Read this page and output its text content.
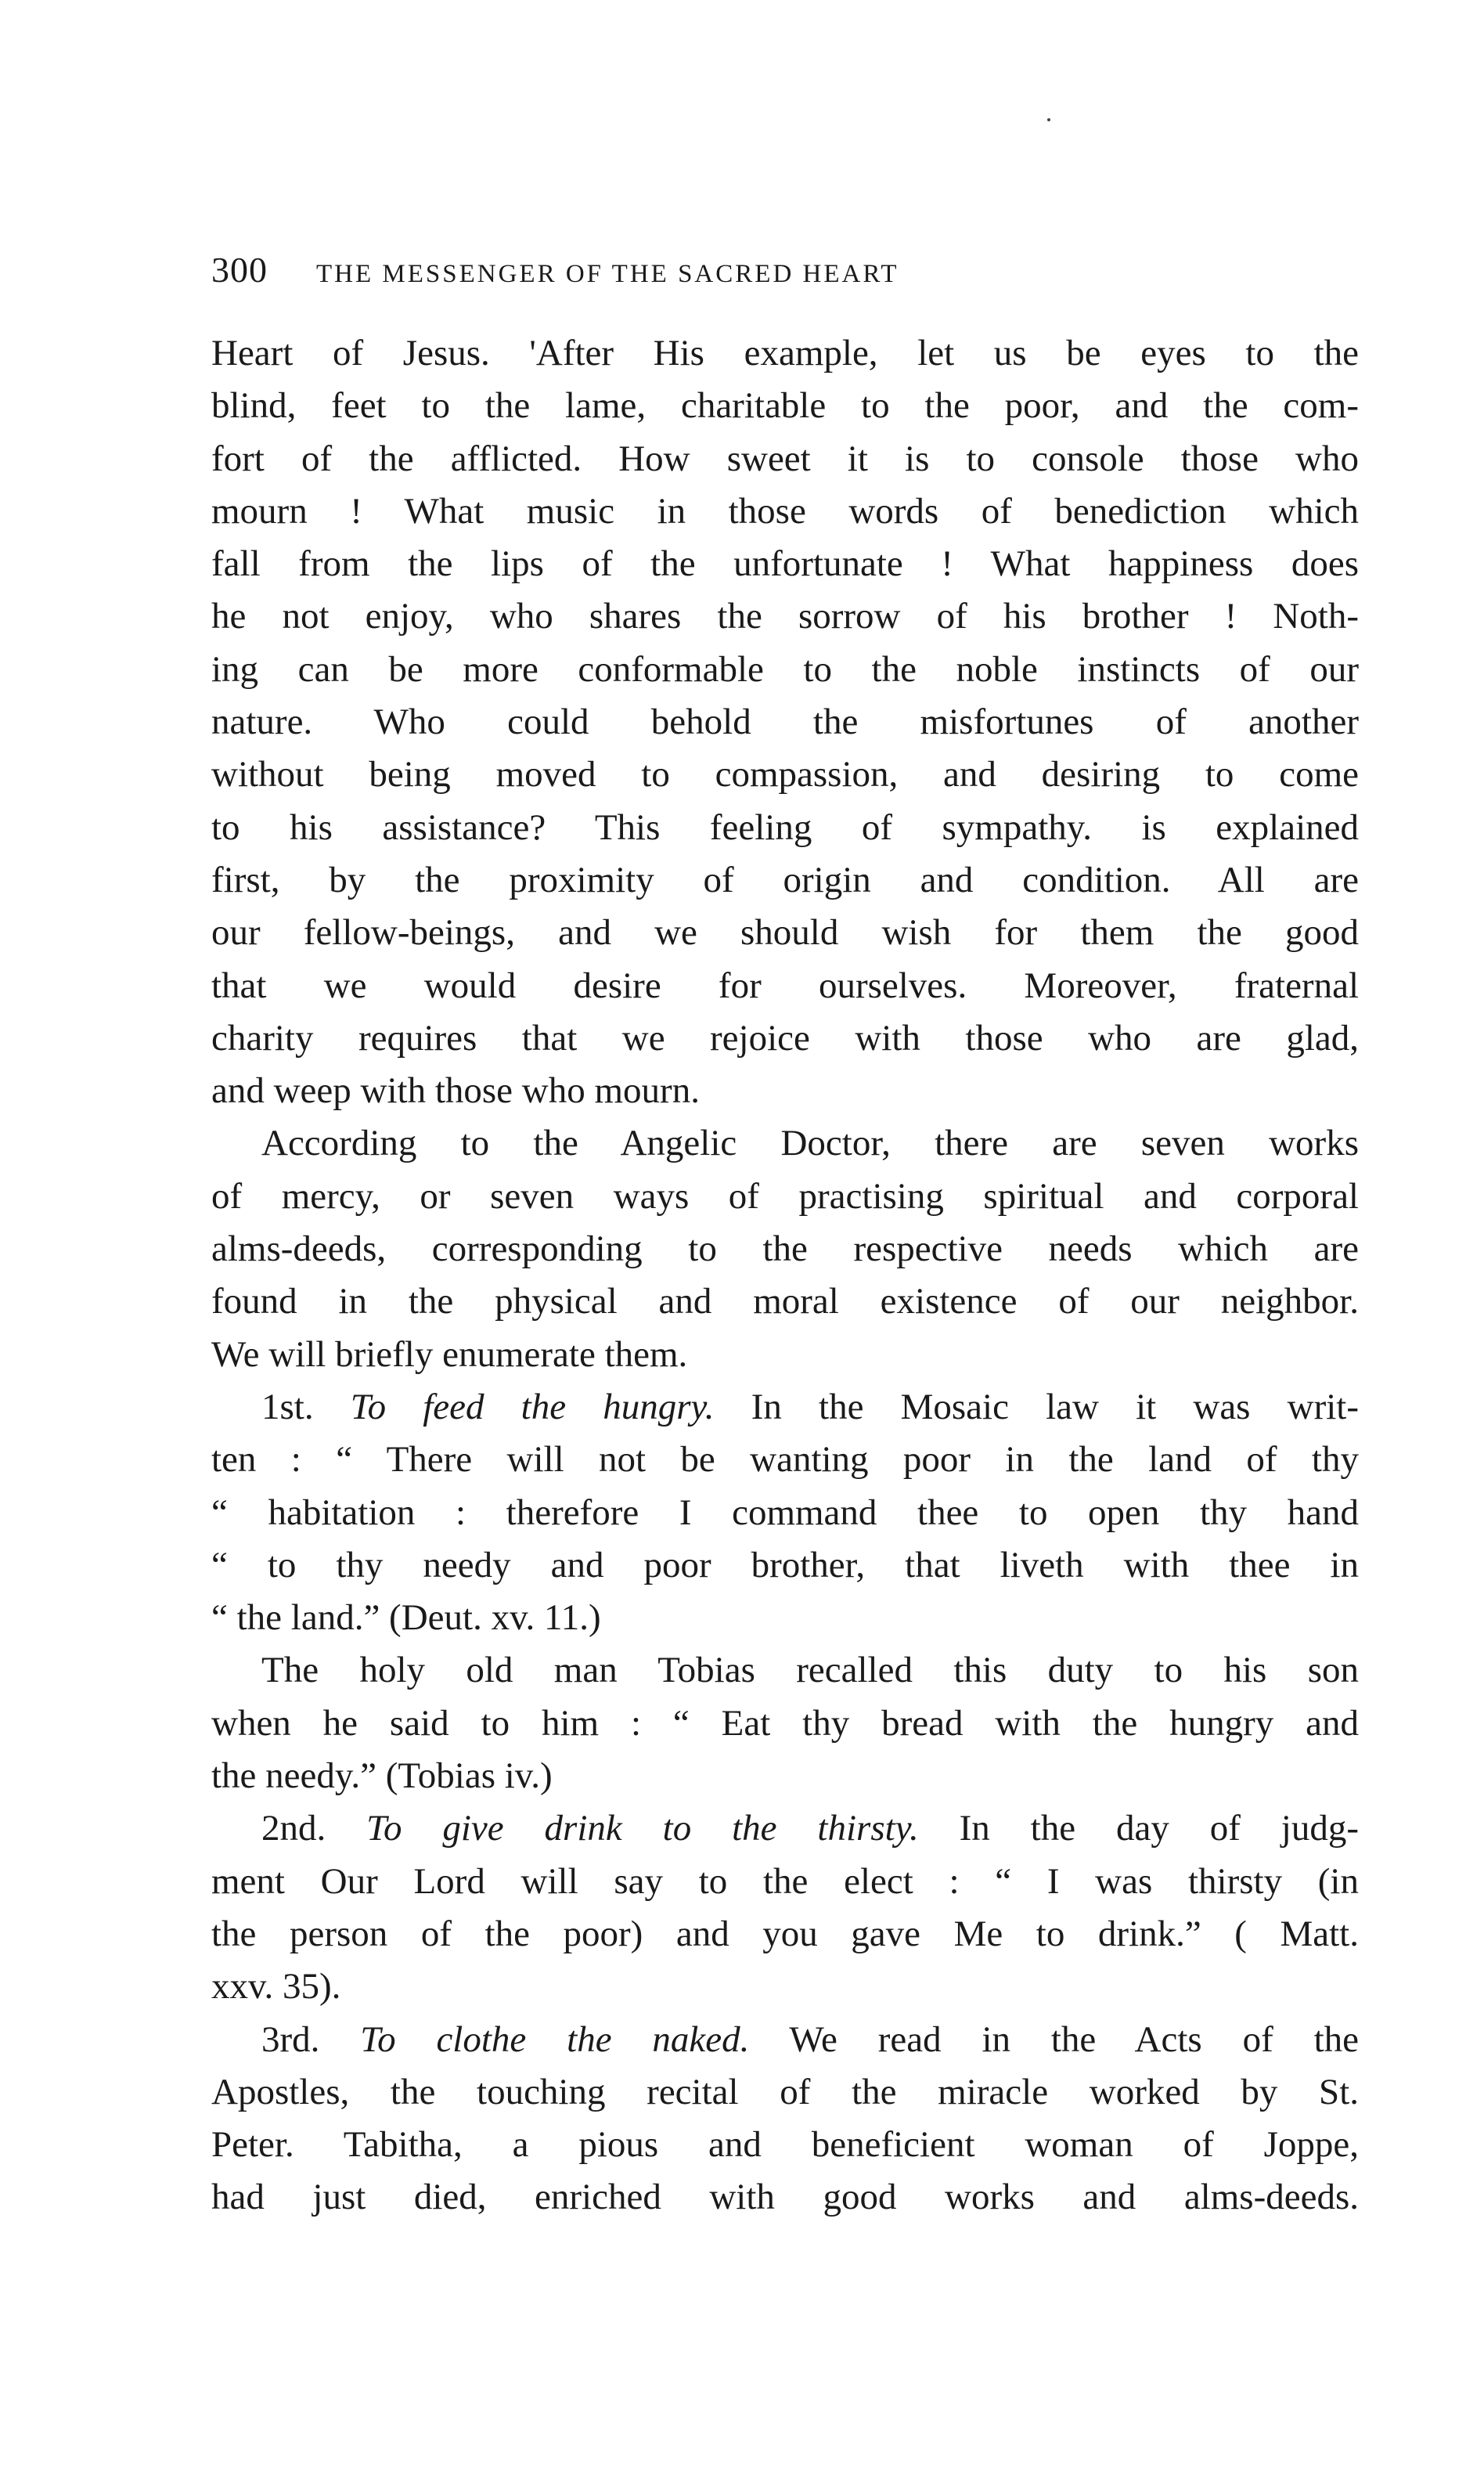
300 THE MESSENGER OF THE SACRED HEART
Heart of Jesus. 'After His example, let us be eyes to the
blind, feet to the lame, charitable to the poor, and the com-
fort of the afflicted. How sweet it is to console those who
mourn ! What music in those words of benediction which
fall from the lips of the unfortunate ! What happiness does
he not enjoy, who shares the sorrow of his brother ! Noth-
ing can be more conformable to the noble instincts of our
nature. Who could behold the misfortunes of another
without being moved to compassion, and desiring to come
to his assistance? This feeling of sympathy. is explained
first, by the proximity of origin and condition. All are
our fellow-beings, and we should wish for them the good
that we would desire for ourselves. Moreover, fraternal
charity requires that we rejoice with those who are glad,
and weep with those who mourn.
According to the Angelic Doctor, there are seven works
of mercy, or seven ways of practising spiritual and corporal
alms-deeds, corresponding to the respective needs which are
found in the physical and moral existence of our neighbor.
We will briefly enumerate them.
1st. To feed the hungry. In the Mosaic law it was writ-
ten : “ There will not be wanting poor in the land of thy
“ habitation : therefore I command thee to open thy hand
“ to thy needy and poor brother, that liveth with thee in
“ the land.” (Deut. xv. 11.)
The holy old man Tobias recalled this duty to his son
when he said to him : “ Eat thy bread with the hungry and
the needy.” (Tobias iv.)
2nd. To give drink to the thirsty. In the day of judg-
ment Our Lord will say to the elect : “ I was thirsty (in
the person of the poor) and you gave Me to drink.” ( Matt.
xxv. 35).
3rd. To clothe the naked. We read in the Acts of the
Apostles, the touching recital of the miracle worked by St.
Peter. Tabitha, a pious and beneficient woman of Joppe,
had just died, enriched with good works and alms-deeds.
